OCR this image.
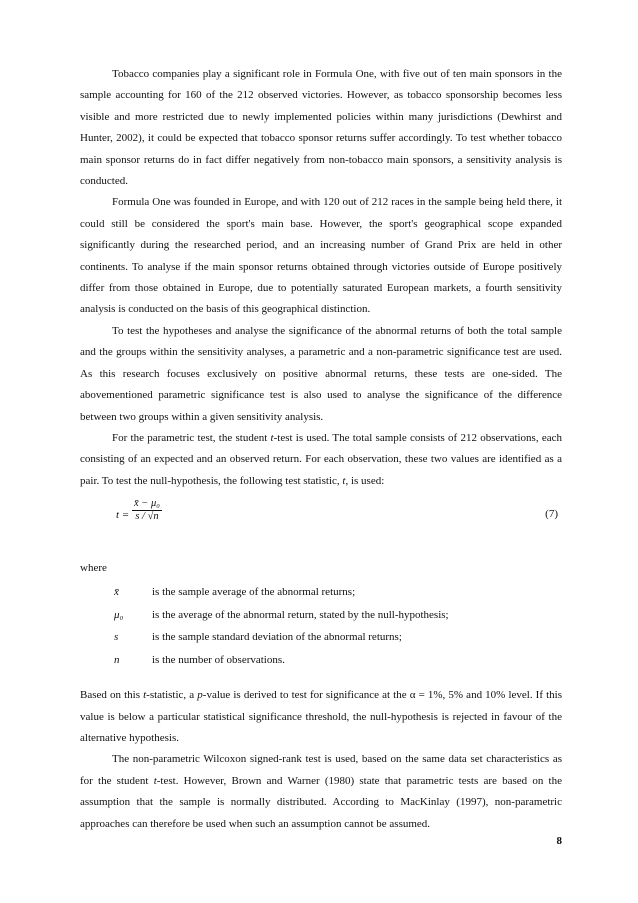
Tobacco companies play a significant role in Formula One, with five out of ten main sponsors in the sample accounting for 160 of the 212 observed victories. However, as tobacco sponsorship becomes less visible and more restricted due to newly implemented policies within many jurisdictions (Dewhirst and Hunter, 2002), it could be expected that tobacco sponsor returns suffer accordingly. To test whether tobacco main sponsor returns do in fact differ negatively from non-tobacco main sponsors, a sensitivity analysis is conducted.

Formula One was founded in Europe, and with 120 out of 212 races in the sample being held there, it could still be considered the sport's main base. However, the sport's geographical scope expanded significantly during the researched period, and an increasing number of Grand Prix are held in other continents. To analyse if the main sponsor returns obtained through victories outside of Europe positively differ from those obtained in Europe, due to potentially saturated European markets, a fourth sensitivity analysis is conducted on the basis of this geographical distinction.

To test the hypotheses and analyse the significance of the abnormal returns of both the total sample and the groups within the sensitivity analyses, a parametric and a non-parametric significance test are used. As this research focuses exclusively on positive abnormal returns, these tests are one-sided. The abovementioned parametric significance test is also used to analyse the significance of the difference between two groups within a given sensitivity analysis.

For the parametric test, the student t-test is used. The total sample consists of 212 observations, each consisting of an expected and an observed return. For each observation, these two values are identified as a pair. To test the null-hypothesis, the following test statistic, t, is used:

t =
x̄ − μ₀
s / √n	(7)
where
x̄	is the sample average of the abnormal returns;
μ₀	is the average of the abnormal return, stated by the null-hypothesis;
s	is the sample standard deviation of the abnormal returns;
n	is the number of observations.

Based on this t-statistic, a p-value is derived to test for significance at the α = 1%, 5% and 10% level. If this value is below a particular statistical significance threshold, the null-hypothesis is rejected in favour of the alternative hypothesis.

The non-parametric Wilcoxon signed-rank test is used, based on the same data set characteristics as for the student t-test. However, Brown and Warner (1980) state that parametric tests are based on the assumption that the sample is normally distributed. According to MacKinlay (1997), non-parametric approaches can therefore be used when such an assumption cannot be assumed.

8
